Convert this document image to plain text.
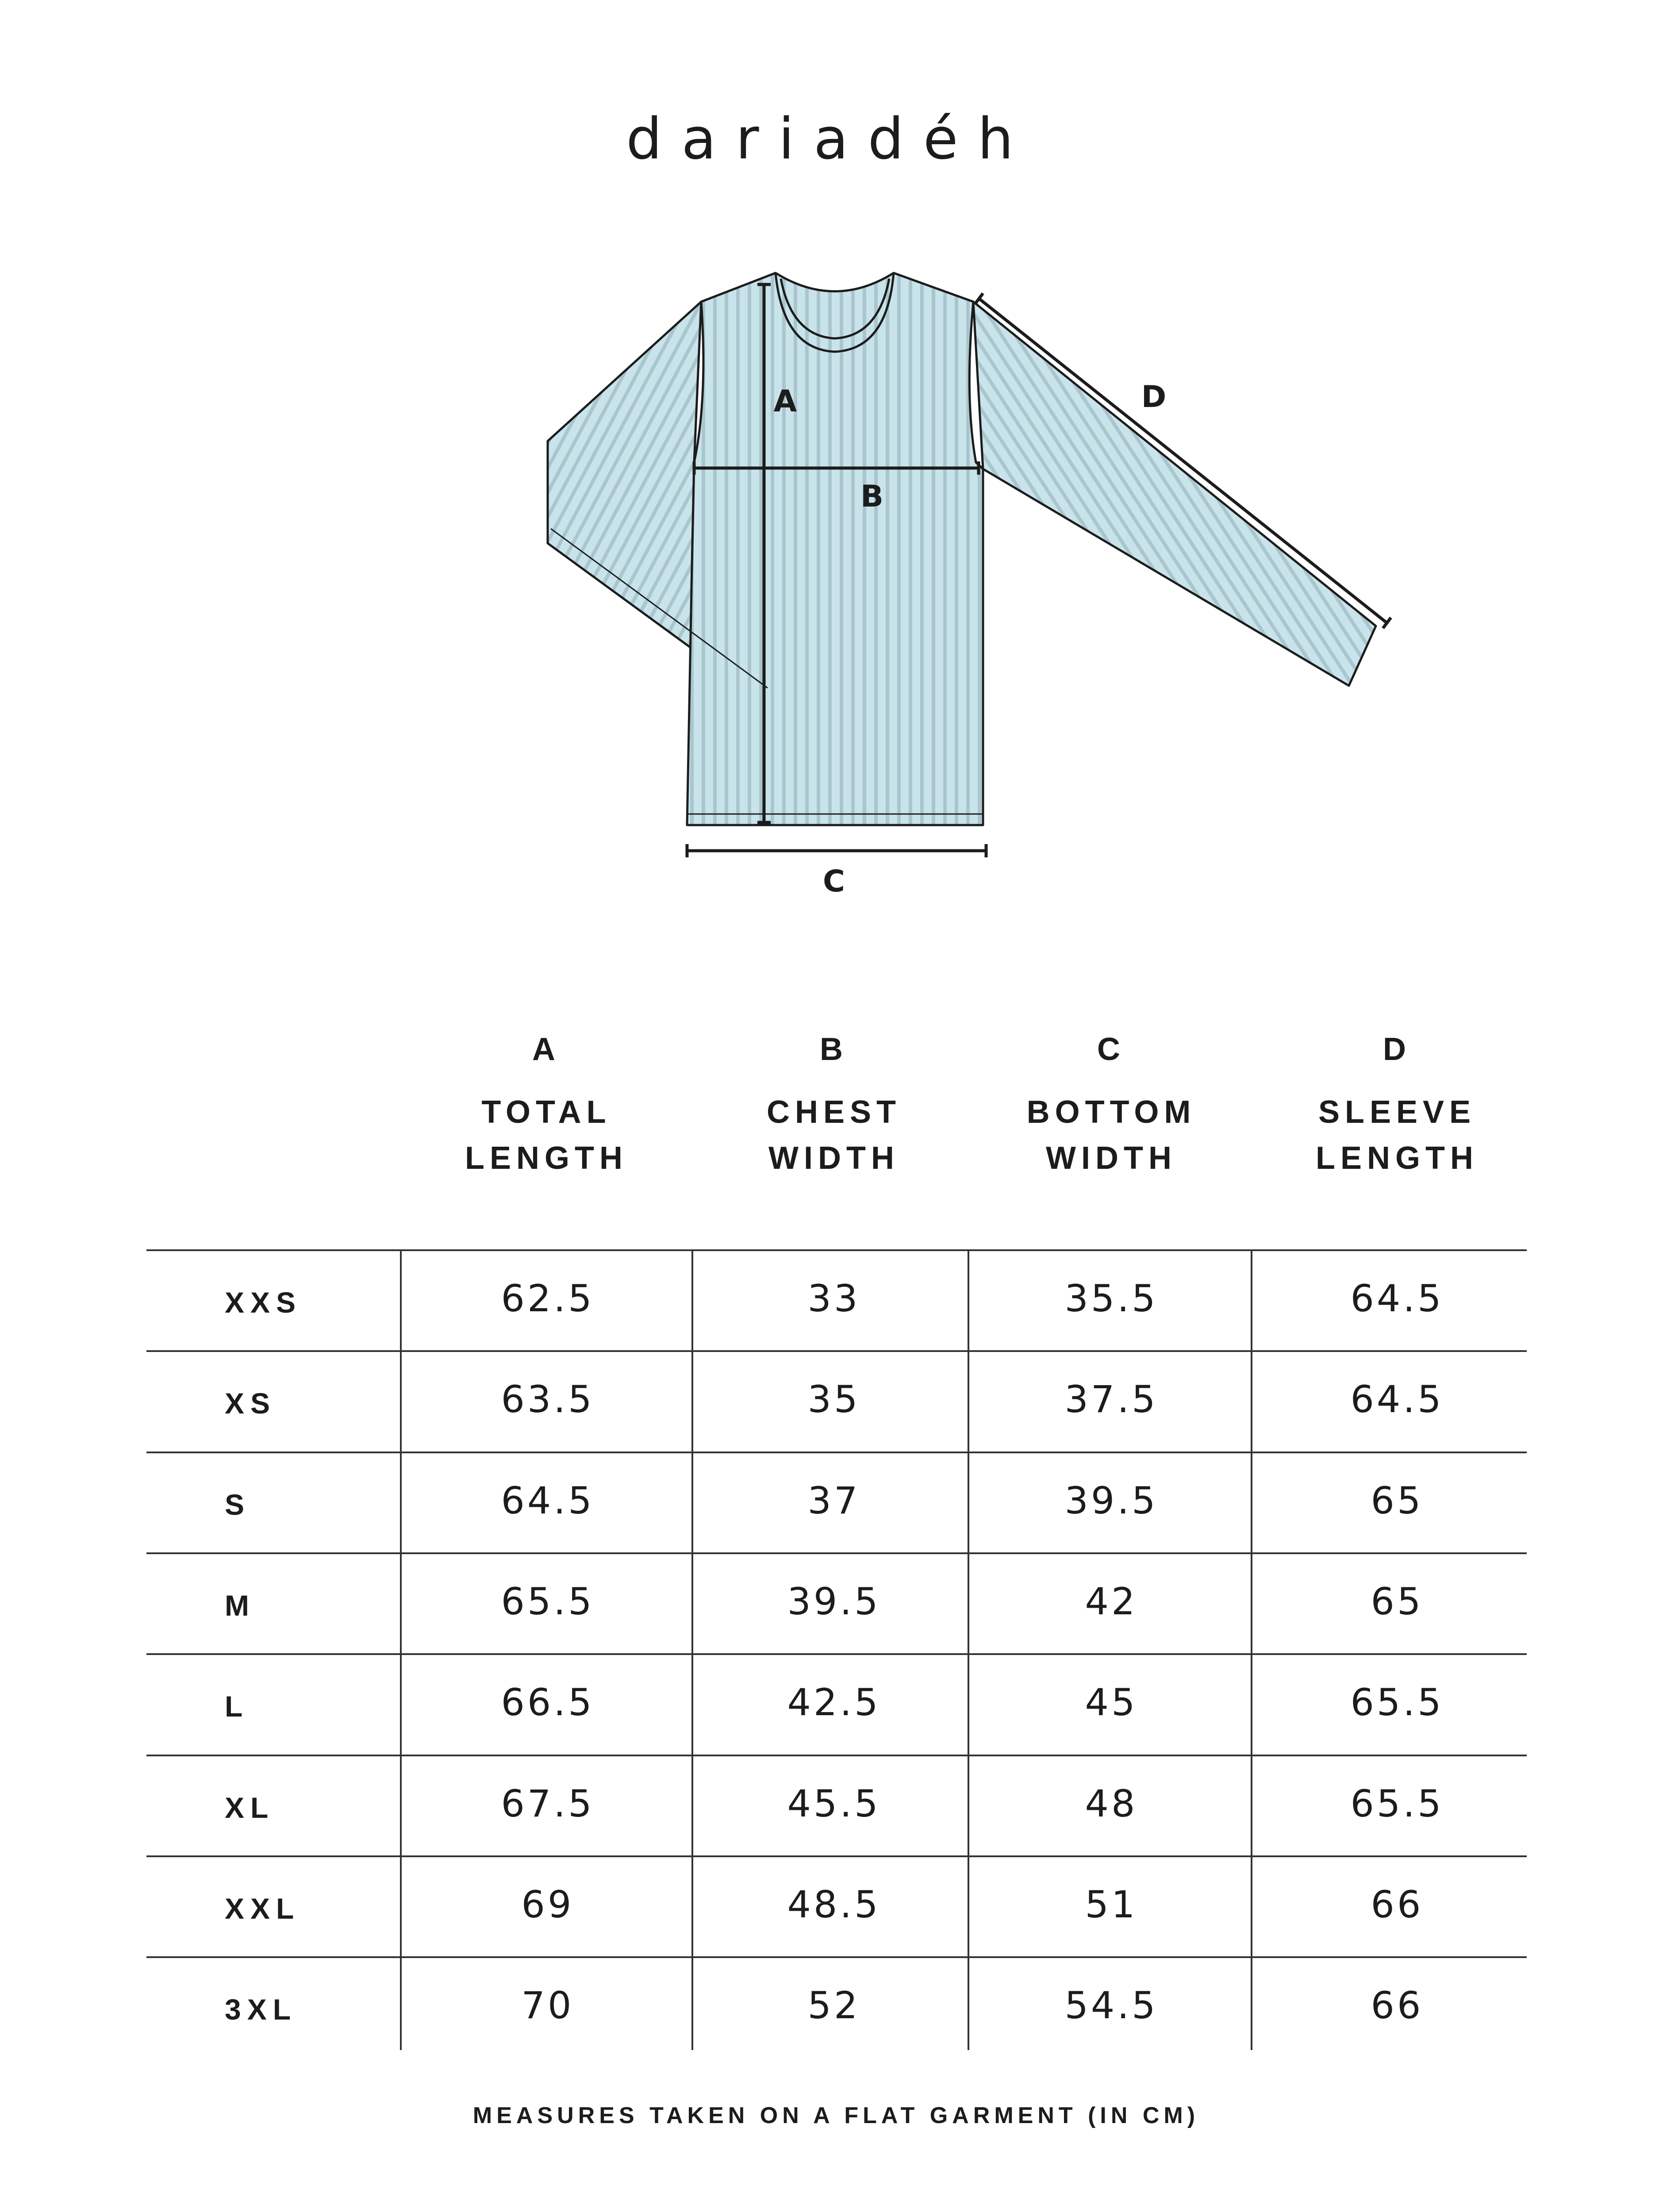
dariadéh
A
B
C
D
A
TOTAL
LENGTH
B
CHEST
WIDTH
C
BOTTOM
WIDTH
D
SLEEVE
LENGTH
XXS	62.5	33	35.5	64.5
XS	63.5	35	37.5	64.5
S	64.5	37	39.5	65
M	65.5	39.5	42	65
L	66.5	42.5	45	65.5
XL	67.5	45.5	48	65.5
XXL	69	48.5	51	66
3XL	70	52	54.5	66
MEASURES TAKEN ON A FLAT GARMENT (IN CM)
